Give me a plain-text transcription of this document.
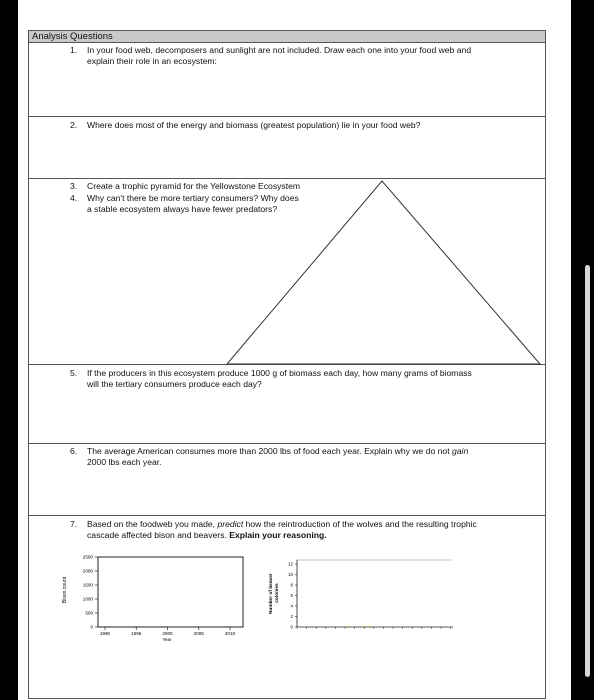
Analysis Questions
1. In your food web, decomposers and sunlight are not included. Draw each one into your food web and
explain their role in an ecosystem:
2. Where does most of the energy and biomass (greatest population) lie in your food web?
3. Create a trophic pyramid for the Yellowstone Ecosystem
4. Why can't there be more tertiary consumers? Why does
a stable ecosystem always have fewer predators?
5. If the producers in this ecosystem produce 1000 g of biomass each day, how many grams of biomass
will the tertiary consumers produce each day?
6. The average American consumes more than 2000 lbs of food each year. Explain why we do not gain
2000 lbs each year.
7. Based on the foodweb you made, predict how the reintroduction of the wolves and the resulting trophic
cascade affected bison and beavers. Explain your reasoning.
Bison count
Year
0
500
1000
1500
2000
2500
1990	1995	2000	2005	2010
Number of beaver colonies
0
2
4
6
8
10
12
